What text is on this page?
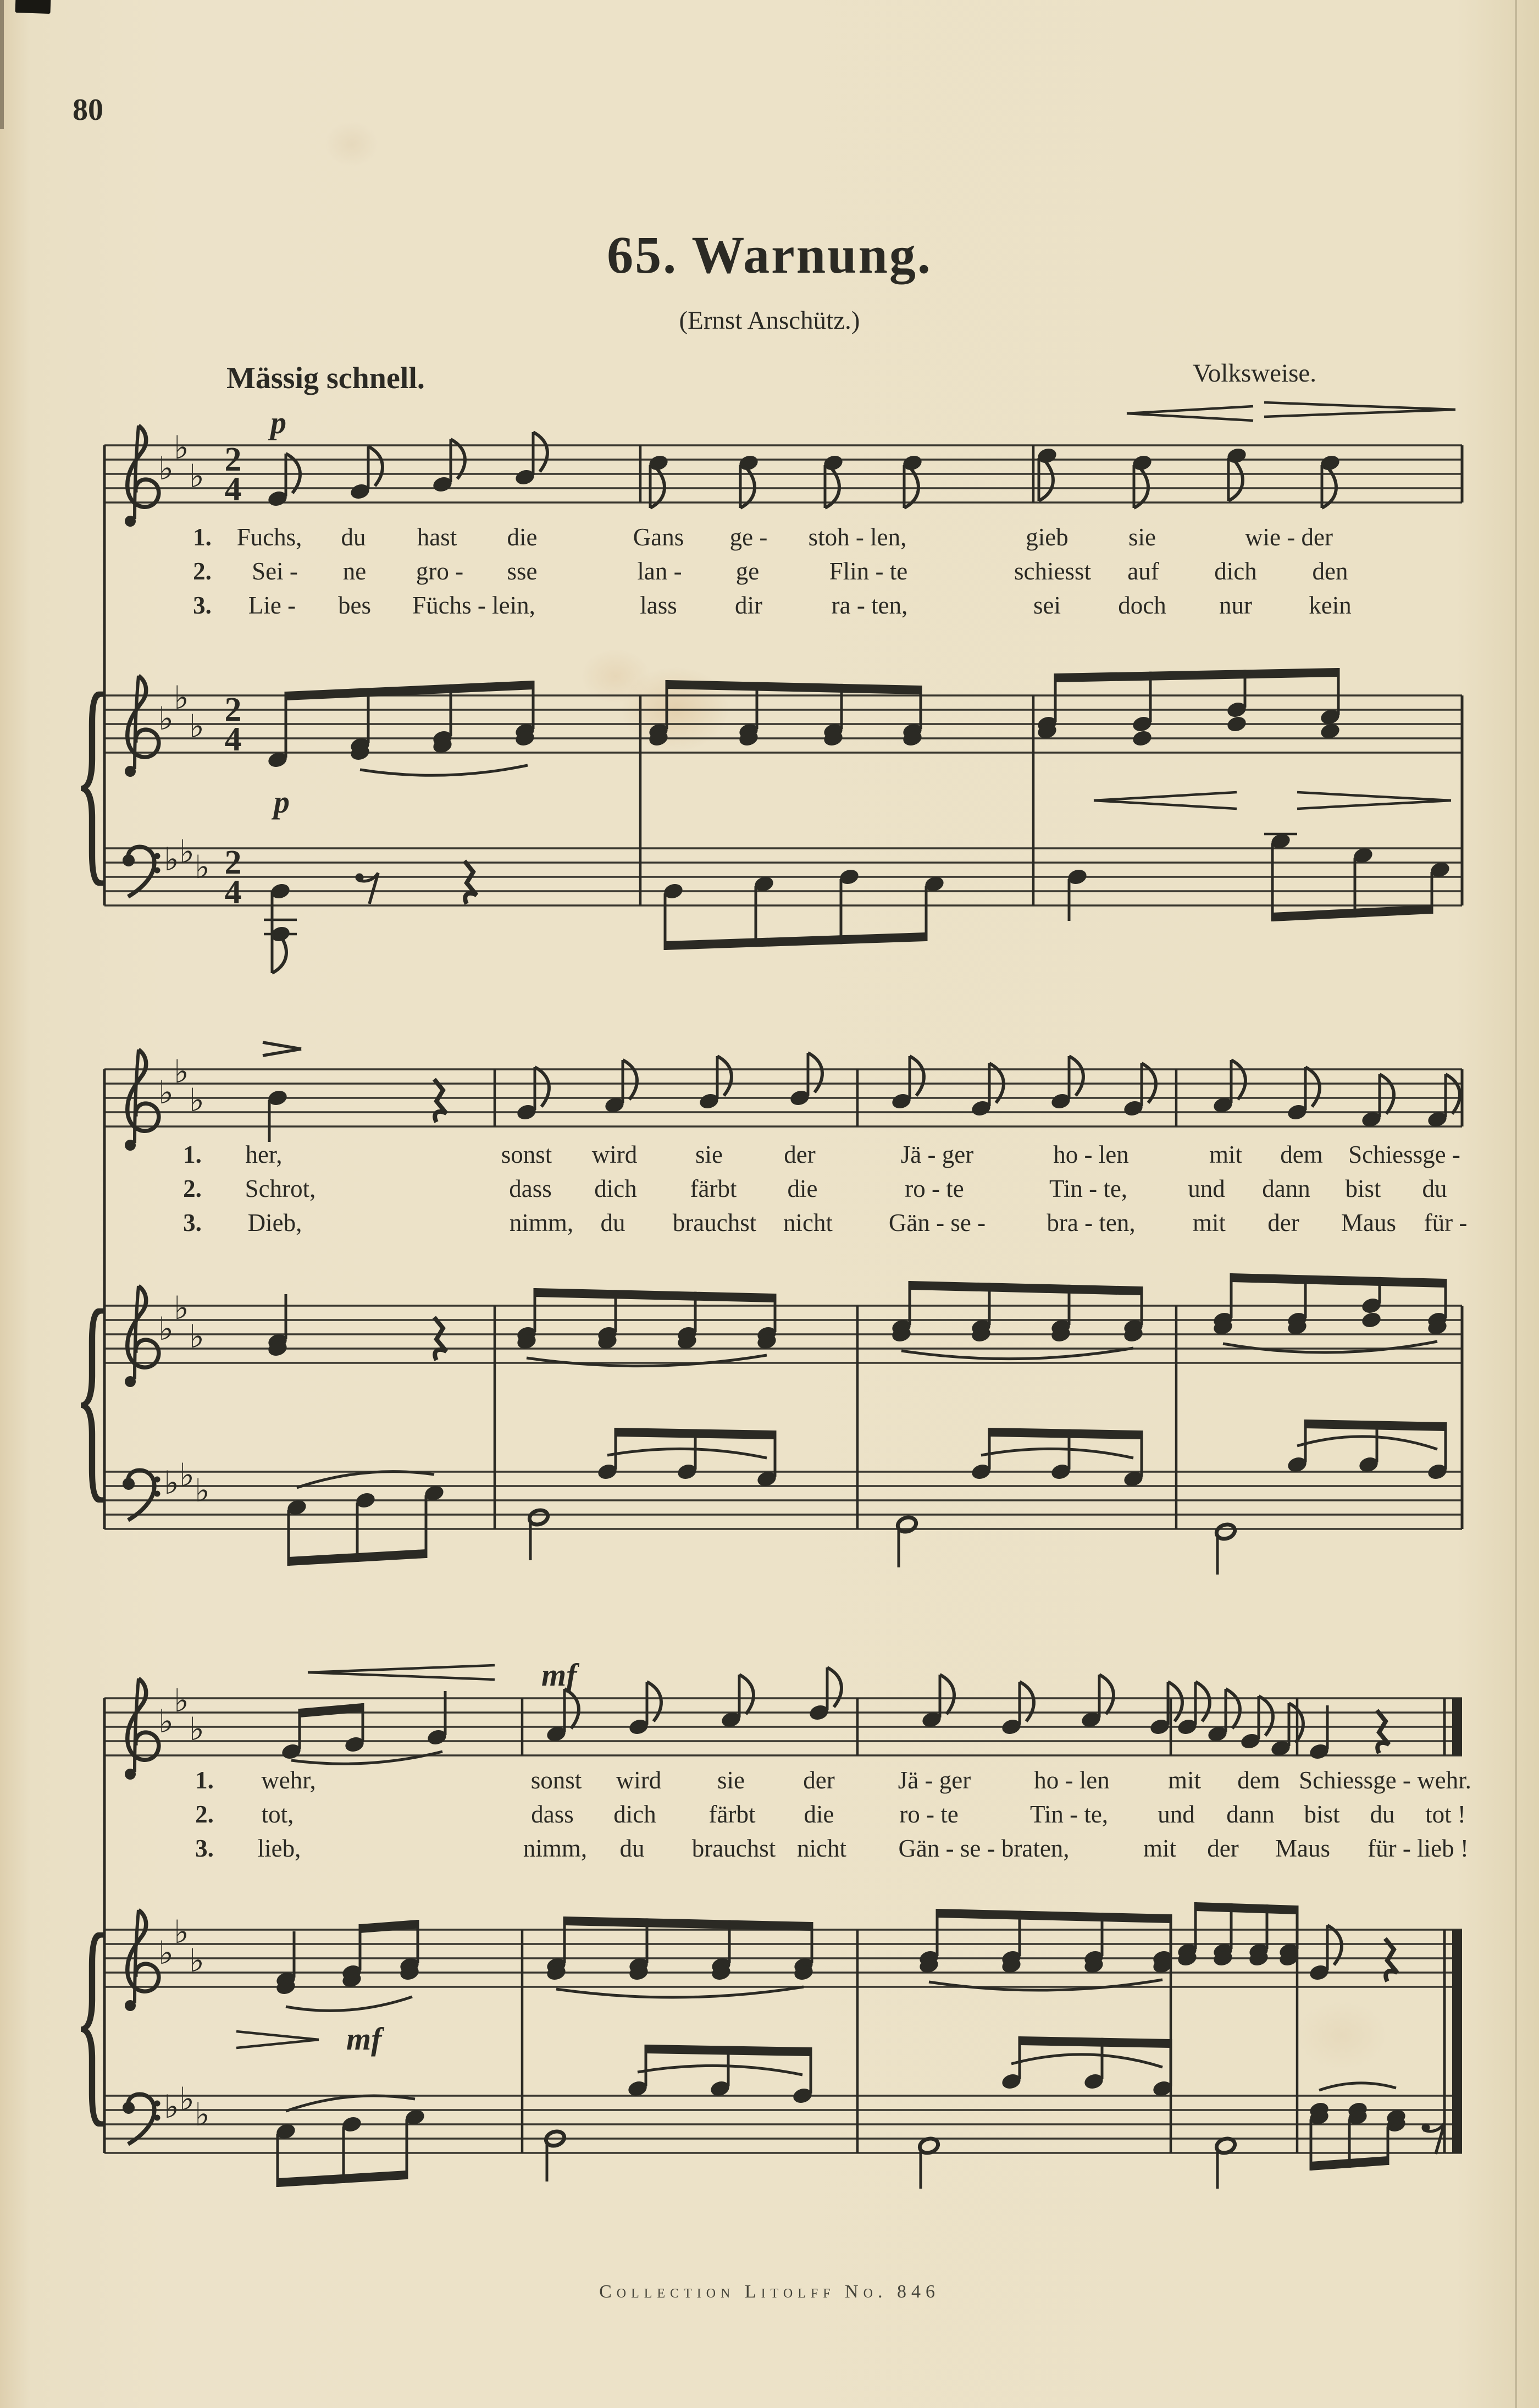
80
65. Warnung.
(Ernst Anschütz.)
Mässig schnell.	Volksweise.
{
♭
♭
♭ 2
4
♭
♭
♭ 2
4
♭ ♭ ♭ 2
4
p
p
1. Fuchs, du hast die	Gans ge - stoh - len,	gieb sie	wie - der
2. Sei - ne gro - sse	lan - ge	Flin - te	schiesst auf dich den
3. Lie - bes Füchs - lein,	lass dir	ra - ten,	sei doch nur kein
{
♭
♭
♭
♭
♭
♭
♭ ♭ ♭
1. her,	sonst wird sie der	Jä - ger	ho - len	mit dem Schiessge -
2. Schrot,	dass dich färbt die	ro - te	Tin - te, und dann bist du
3. Dieb,	nimm, du brauchst nicht Gän - se - bra - ten, mit der Maus für -
{
♭
♭
♭
♭
♭
♭
♭ ♭ ♭
mf
mf
1. wehr,	sonst wird sie der	Jä - ger	ho - len mit dem Schiessge - wehr.
2. tot,	dass dich färbt die	ro - te	Tin - te, und dann bist du tot !
3. lieb,	nimm, du brauchst nicht Gän - se - braten,	mit der Maus für - lieb !
Collection Litolff No. 846
